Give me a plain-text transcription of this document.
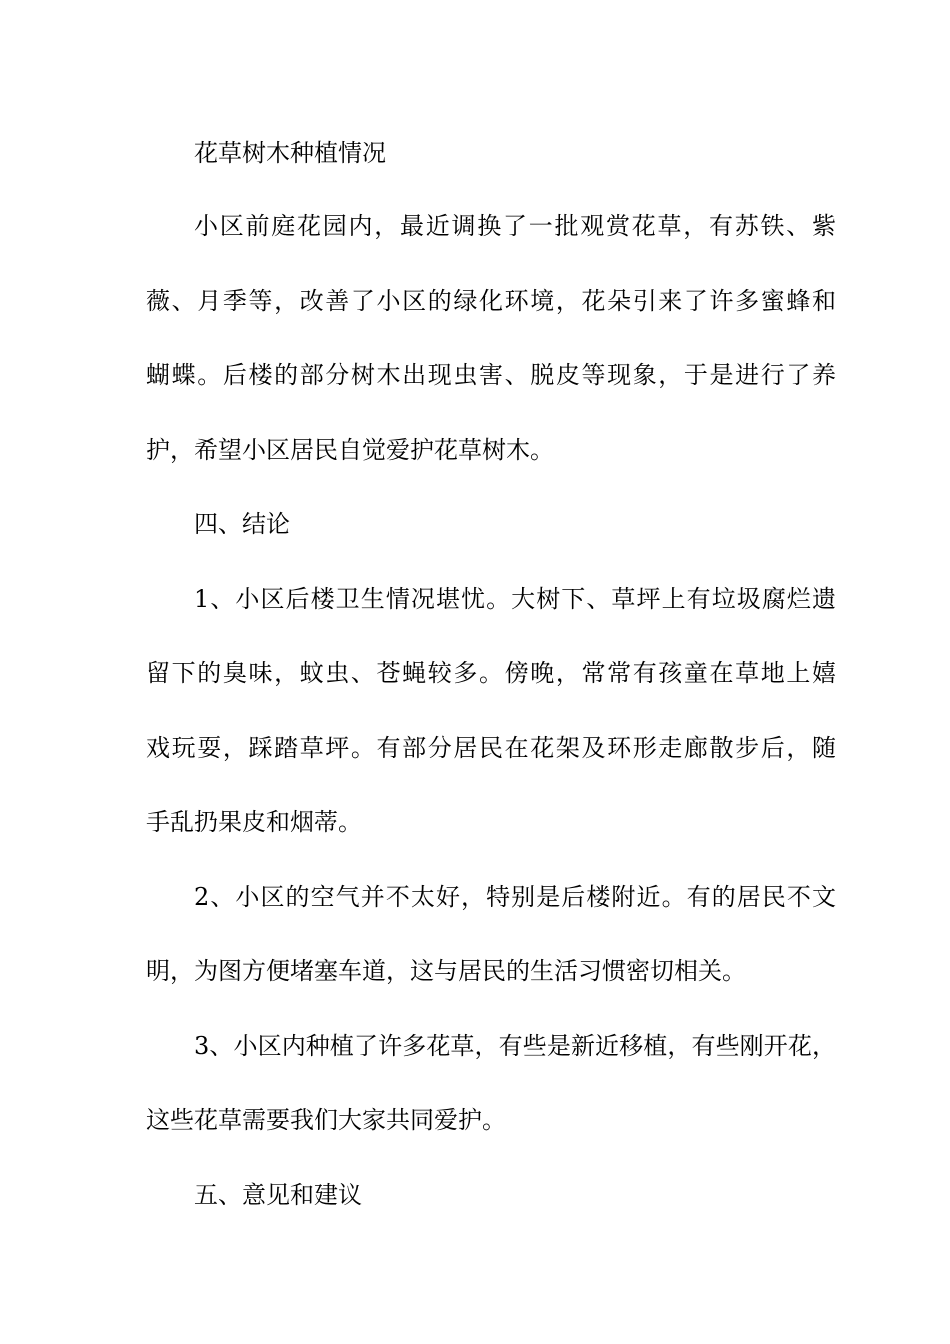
花草树木种植情况
小区前庭花园内，最近调换了一批观赏花草，有苏铁、紫
薇、月季等，改善了小区的绿化环境，花朵引来了许多蜜蜂和
蝴蝶。后楼的部分树木出现虫害、脱皮等现象，于是进行了养
护，希望小区居民自觉爱护花草树木。
四、结论
1、小区后楼卫生情况堪忧。大树下、草坪上有垃圾腐烂遗
留下的臭味，蚊虫、苍蝇较多。傍晚，常常有孩童在草地上嬉
戏玩耍，踩踏草坪。有部分居民在花架及环形走廊散步后，随
手乱扔果皮和烟蒂。
2、小区的空气并不太好，特别是后楼附近。有的居民不文
明，为图方便堵塞车道，这与居民的生活习惯密切相关。
3、小区内种植了许多花草，有些是新近移植，有些刚开花，
这些花草需要我们大家共同爱护。
五、意见和建议
